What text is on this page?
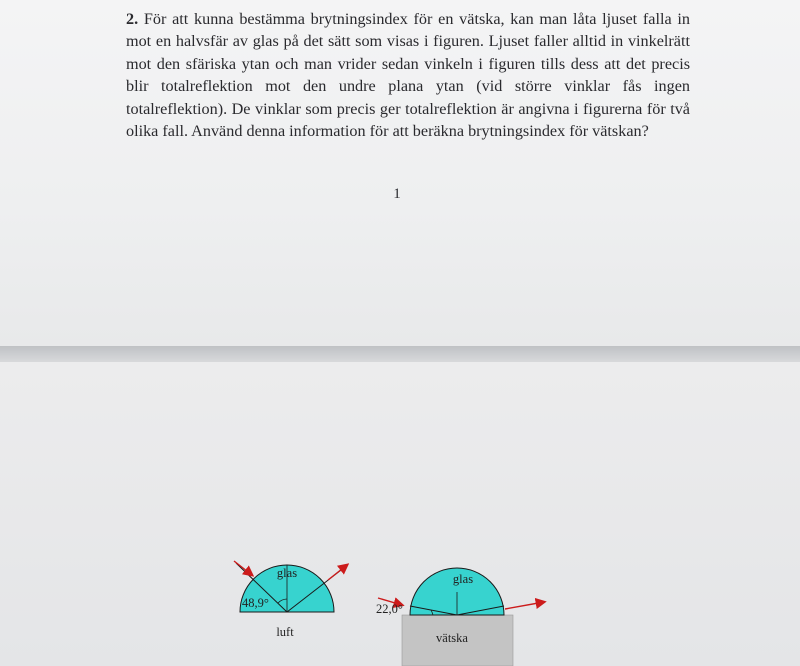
2. För att kunna bestämma brytningsindex för en vätska, kan man låta ljuset falla in mot en halvsfär av glas på det sätt som visas i figuren. Ljuset faller alltid in vinkelrätt mot den sfäriska ytan och man vrider sedan vinkeln i figuren tills dess att det precis blir totalreflektion mot den undre plana ytan (vid större vinklar fås ingen totalreflektion). De vinklar som precis ger totalreflektion är angivna i figurerna för två olika fall. Använd denna information för att beräkna brytningsindex för vätskan?
1
glas
48,9°
luft
glas
22,0°
vätska
